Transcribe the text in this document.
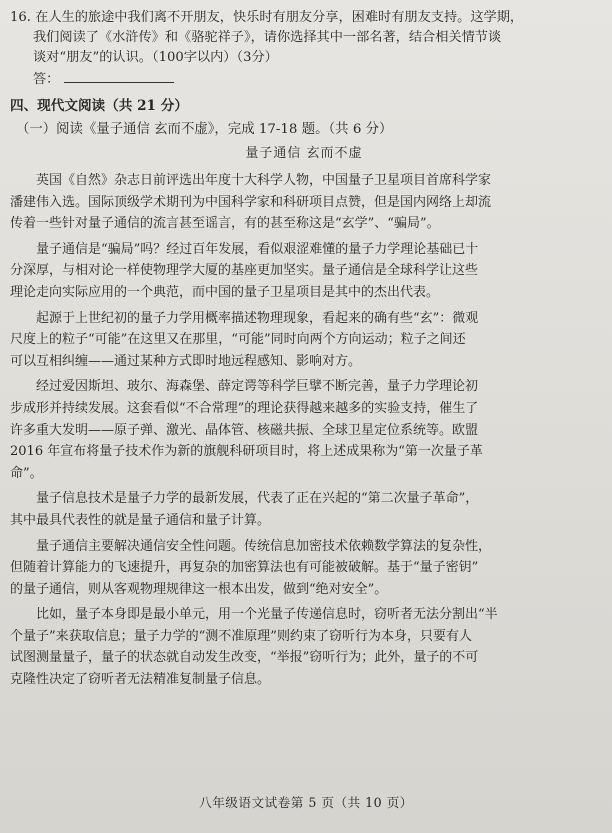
16. 在人生的旅途中我们离不开朋友，快乐时有朋友分享，困难时有朋友支持。这学期，
我们阅读了《水浒传》和《骆驼祥子》，请你选择其中一部名著，结合相关情节谈
谈对“朋友”的认识。（100字以内）（3分）
答：
四、现代文阅读（共 21 分）
（一）阅读《量子通信 玄而不虚》，完成 17-18 题。（共 6 分）
量子通信 玄而不虚
英国《自然》杂志日前评选出年度十大科学人物，中国量子卫星项目首席科学家
潘建伟入选。国际顶级学术期刊为中国科学家和科研项目点赞，但是国内网络上却流
传着一些针对量子通信的流言甚至谣言，有的甚至称这是“玄学”、“骗局”。
量子通信是“骗局”吗？经过百年发展，看似艰涩难懂的量子力学理论基础已十
分深厚，与相对论一样使物理学大厦的基座更加坚实。量子通信是全球科学让这些
理论走向实际应用的一个典范，而中国的量子卫星项目是其中的杰出代表。
起源于上世纪初的量子力学用概率描述物理现象，看起来的确有些“玄”：微观
尺度上的粒子“可能”在这里又在那里，“可能”同时向两个方向运动；粒子之间还
可以互相纠缠——通过某种方式即时地远程感知、影响对方。
经过爱因斯坦、玻尔、海森堡、薛定谔等科学巨擘不断完善，量子力学理论初
步成形并持续发展。这套看似“不合常理”的理论获得越来越多的实验支持，催生了
许多重大发明——原子弹、激光、晶体管、核磁共振、全球卫星定位系统等。欧盟
2016 年宣布将量子技术作为新的旗舰科研项目时，将上述成果称为“第一次量子革
命”。
量子信息技术是量子力学的最新发展，代表了正在兴起的“第二次量子革命”，
其中最具代表性的就是量子通信和量子计算。
量子通信主要解决通信安全性问题。传统信息加密技术依赖数学算法的复杂性，
但随着计算能力的飞速提升，再复杂的加密算法也有可能被破解。基于“量子密钥”
的量子通信，则从客观物理规律这一根本出发，做到“绝对安全”。
比如，量子本身即是最小单元，用一个光量子传递信息时，窃听者无法分割出“半
个量子”来获取信息；量子力学的“测不准原理”则约束了窃听行为本身，只要有人
试图测量量子，量子的状态就自动发生改变，“举报”窃听行为；此外，量子的不可
克隆性决定了窃听者无法精准复制量子信息。
八年级语文试卷第 5 页（共 10 页）
